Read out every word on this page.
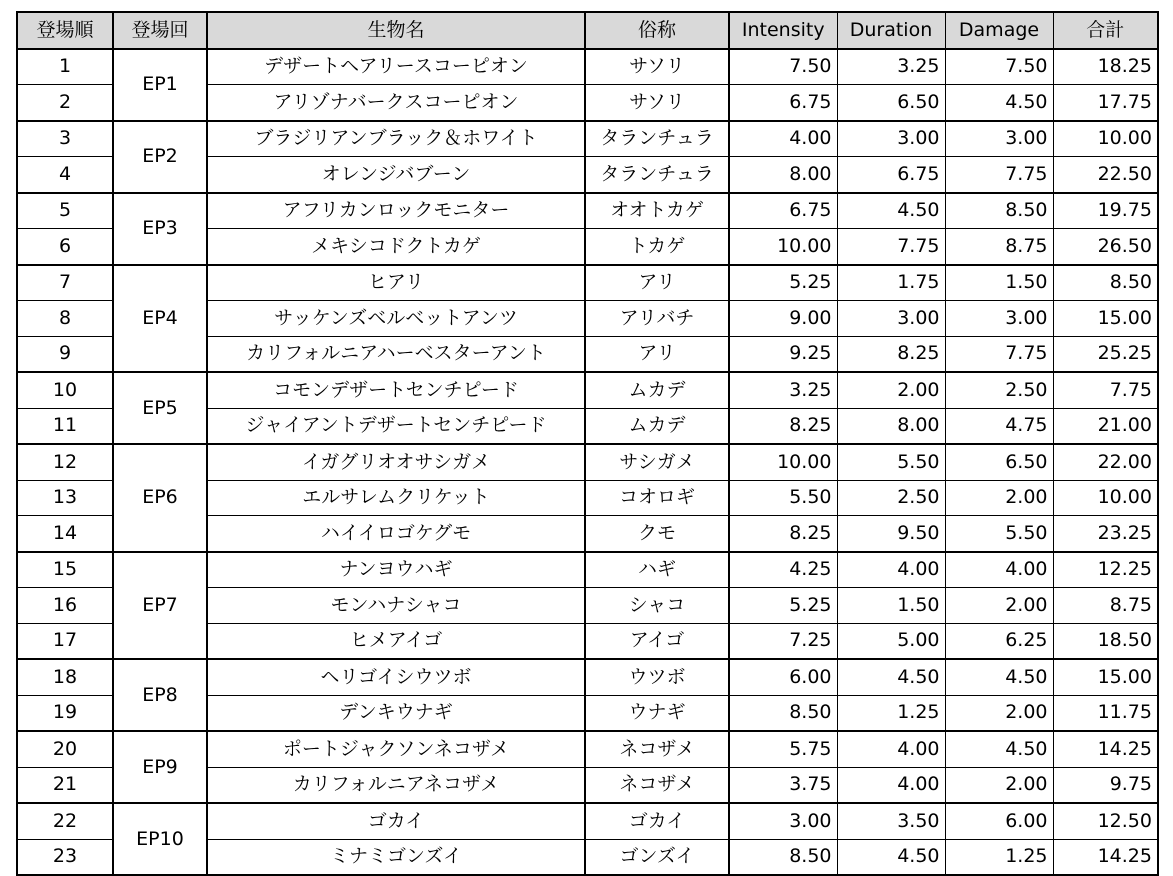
登場順	登場回	生物名	俗称	Intensity	Duration	Damage	合計
1	EP1	デザートヘアリースコーピオン	サソリ	7.50	3.25	7.50	18.25
2		アリゾナバークスコーピオン	サソリ	6.75	6.50	4.50	17.75
3	EP2	ブラジリアンブラック＆ホワイト	タランチュラ	4.00	3.00	3.00	10.00
4		オレンジバブーン	タランチュラ	8.00	6.75	7.75	22.50
5	EP3	アフリカンロックモニター	オオトカゲ	6.75	4.50	8.50	19.75
6		メキシコドクトカゲ	トカゲ	10.00	7.75	8.75	26.50
7	EP4	ヒアリ	アリ	5.25	1.75	1.50	8.50
8		サッケンズベルベットアンツ	アリバチ	9.00	3.00	3.00	15.00
9		カリフォルニアハーベスターアント	アリ	9.25	8.25	7.75	25.25
10	EP5	コモンデザートセンチピード	ムカデ	3.25	2.00	2.50	7.75
11		ジャイアントデザートセンチピード	ムカデ	8.25	8.00	4.75	21.00
12	EP6	イガグリオオサシガメ	サシガメ	10.00	5.50	6.50	22.00
13		エルサレムクリケット	コオロギ	5.50	2.50	2.00	10.00
14		ハイイロゴケグモ	クモ	8.25	9.50	5.50	23.25
15	EP7	ナンヨウハギ	ハギ	4.25	4.00	4.00	12.25
16		モンハナシャコ	シャコ	5.25	1.50	2.00	8.75
17		ヒメアイゴ	アイゴ	7.25	5.00	6.25	18.50
18	EP8	ヘリゴイシウツボ	ウツボ	6.00	4.50	4.50	15.00
19		デンキウナギ	ウナギ	8.50	1.25	2.00	11.75
20	EP9	ポートジャクソンネコザメ	ネコザメ	5.75	4.00	4.50	14.25
21		カリフォルニアネコザメ	ネコザメ	3.75	4.00	2.00	9.75
22	EP10	ゴカイ	ゴカイ	3.00	3.50	6.00	12.50
23		ミナミゴンズイ	ゴンズイ	8.50	4.50	1.25	14.25
